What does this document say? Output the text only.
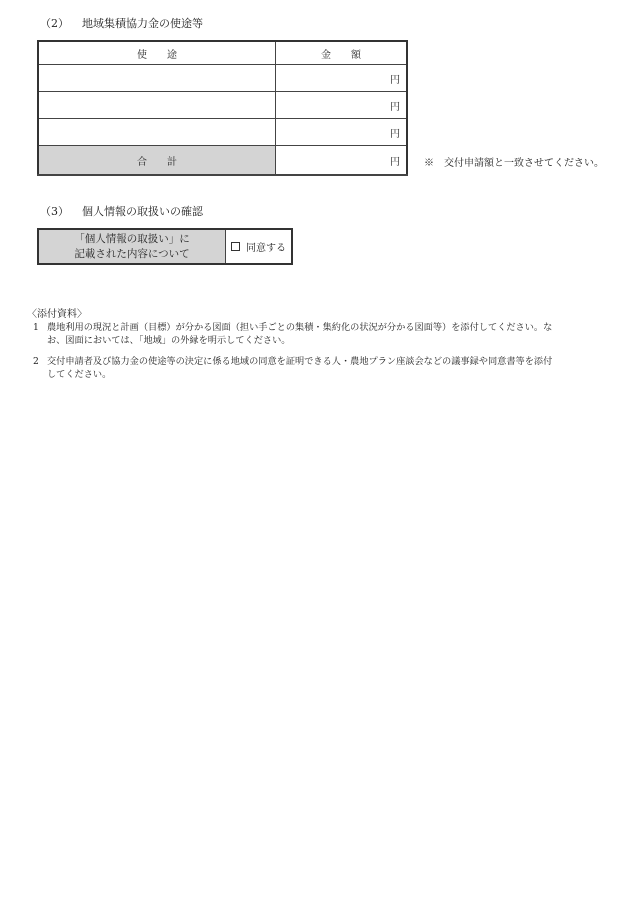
（2） 地域集積協力金の使途等
使　　途	金　　額
	円
	円
	円
合　　計	円 ※　交付申請額と一致させてください。
（3） 個人情報の取扱いの確認
「個人情報の取扱い」に
記載された内容について	同意する
〈添付資料〉
1 農地利用の現況と計画（目標）が分かる図面（担い手ごとの集積・集約化の状況が分かる図面等）を添付してください。な
お、図面においては、「地域」の外縁を明示してください。
2 交付申請者及び協力金の使途等の決定に係る地域の同意を証明できる人・農地プラン座談会などの議事録や同意書等を添付
してください。
